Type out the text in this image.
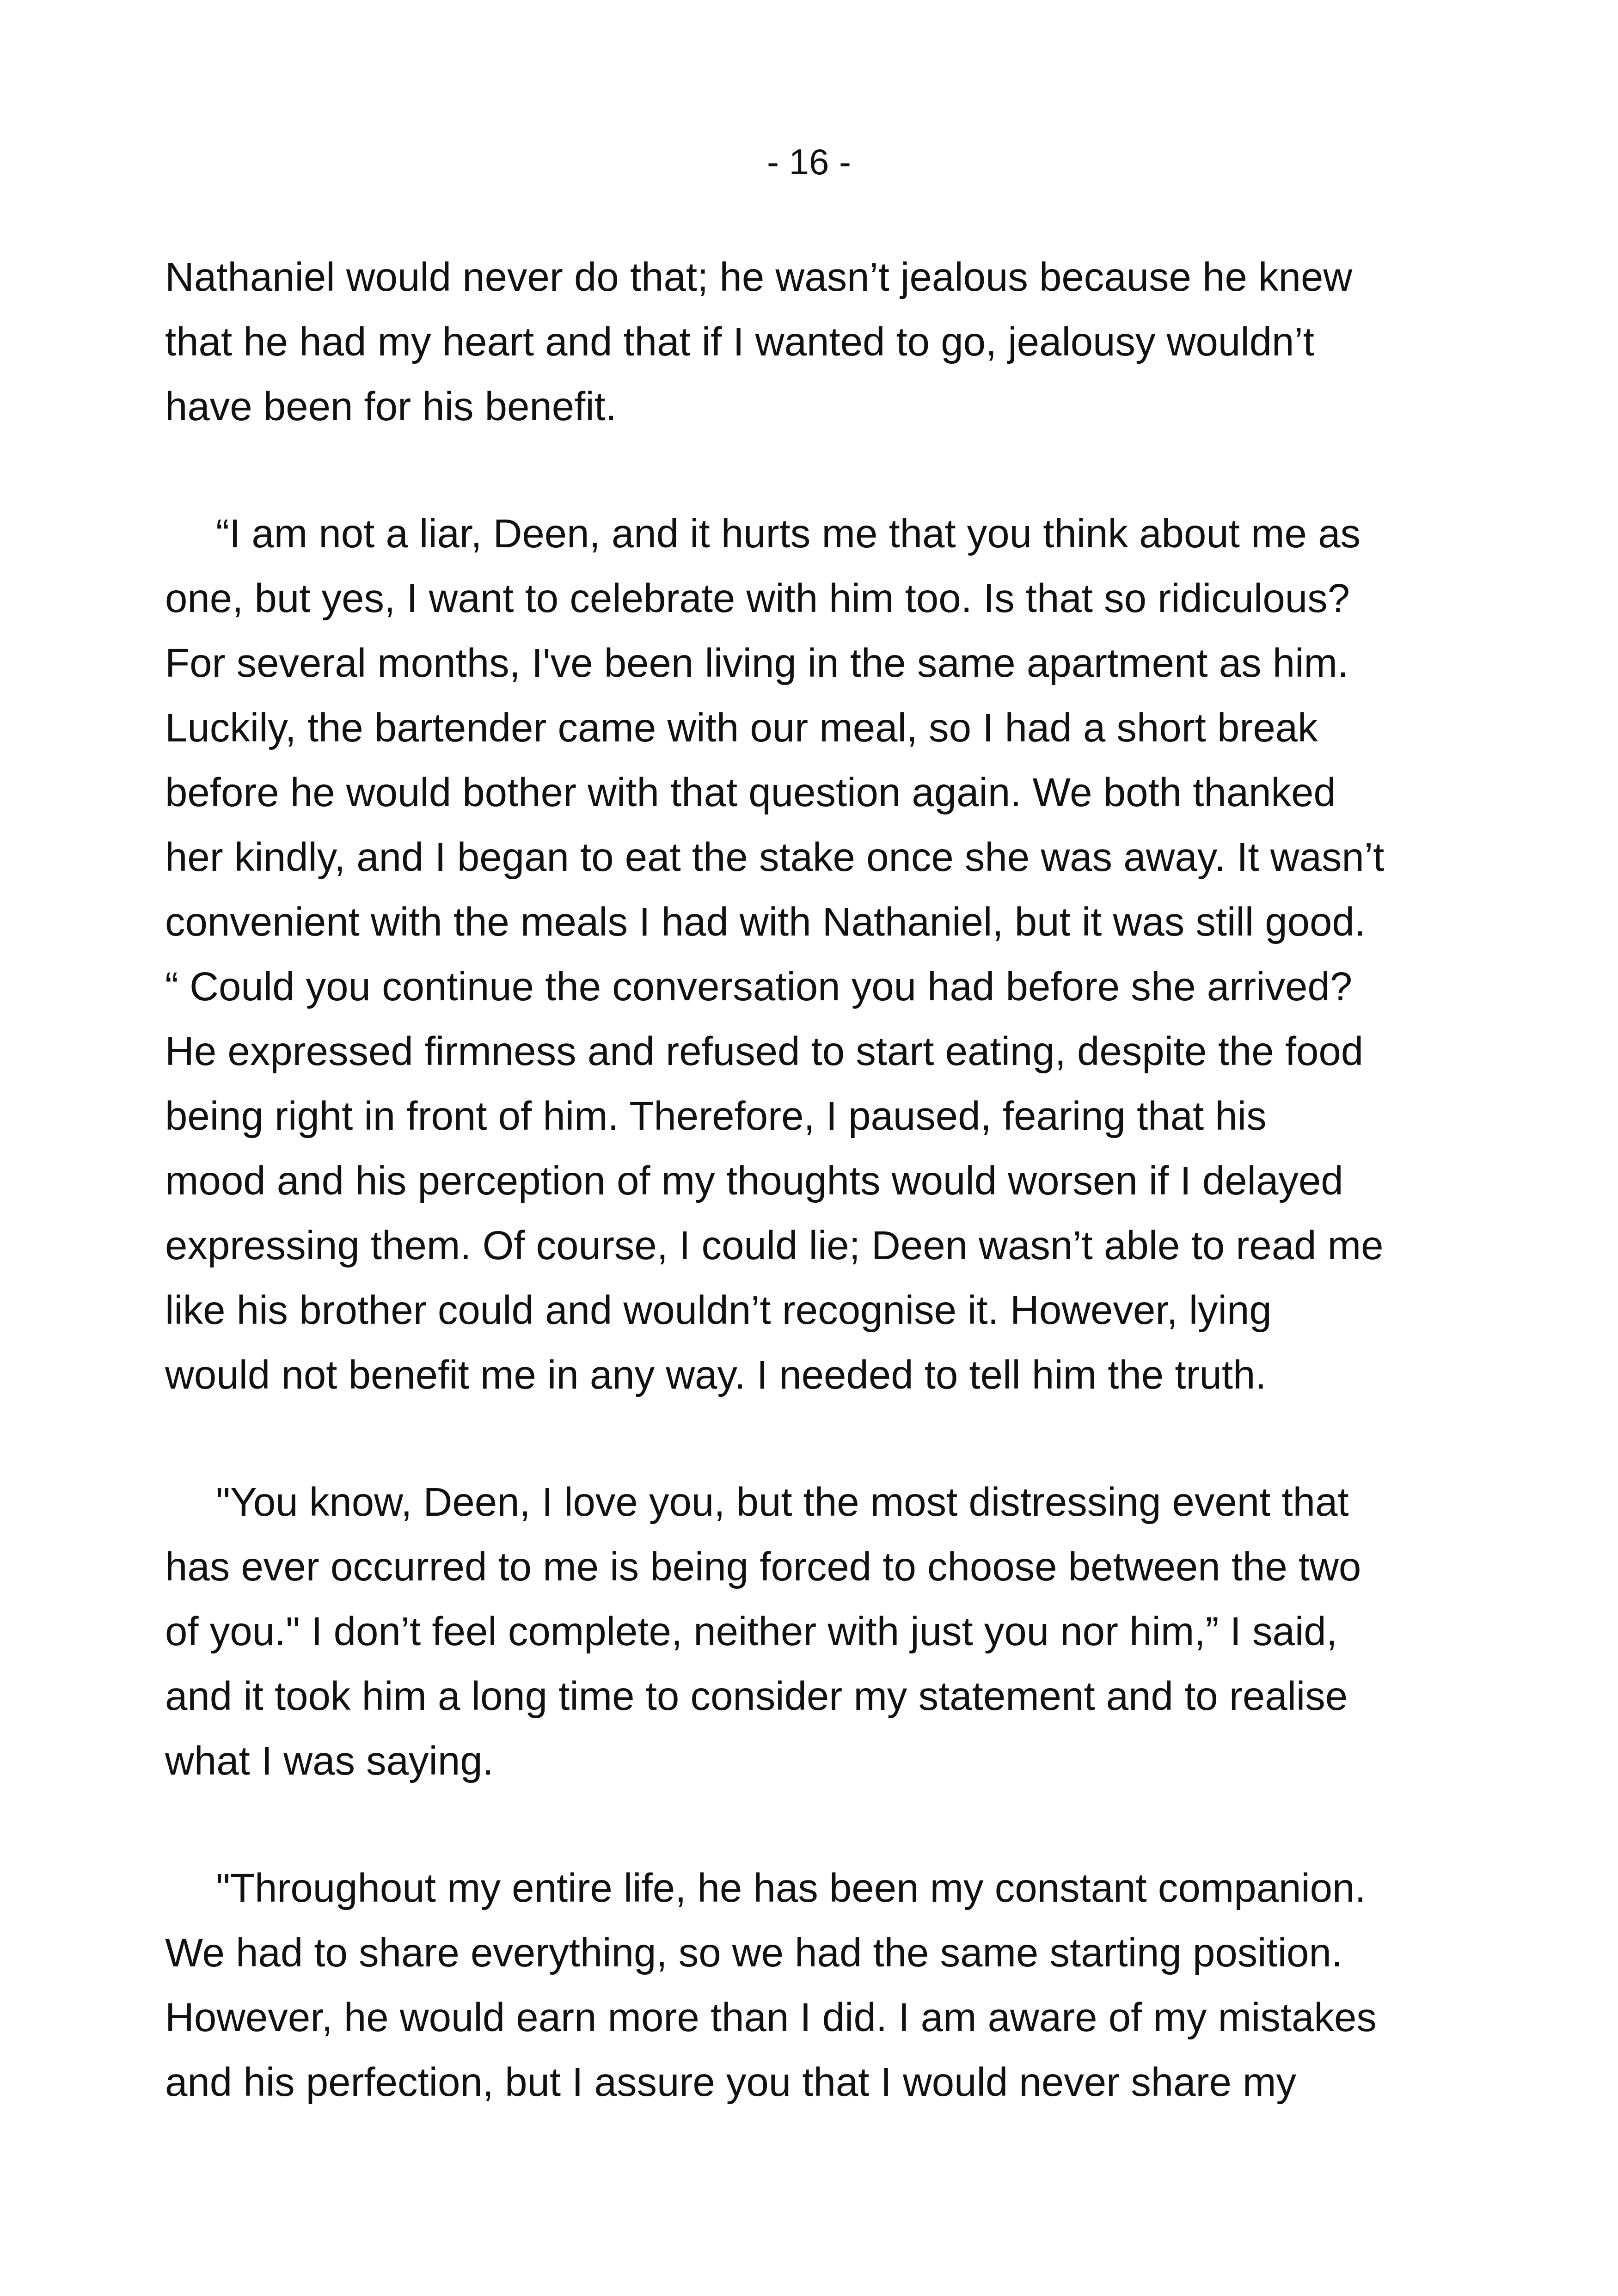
- 16 -

Nathaniel would never do that; he wasn’t jealous because he knew
that he had my heart and that if I wanted to go, jealousy wouldn’t
have been for his benefit.

“I am not a liar, Deen, and it hurts me that you think about me as
one, but yes, I want to celebrate with him too. Is that so ridiculous?
For several months, I've been living in the same apartment as him.
Luckily, the bartender came with our meal, so I had a short break
before he would bother with that question again. We both thanked
her kindly, and I began to eat the stake once she was away. It wasn’t
convenient with the meals I had with Nathaniel, but it was still good.
“ Could you continue the conversation you had before she arrived?
He expressed firmness and refused to start eating, despite the food
being right in front of him. Therefore, I paused, fearing that his
mood and his perception of my thoughts would worsen if I delayed
expressing them. Of course, I could lie; Deen wasn’t able to read me
like his brother could and wouldn’t recognise it. However, lying
would not benefit me in any way. I needed to tell him the truth.

"You know, Deen, I love you, but the most distressing event that
has ever occurred to me is being forced to choose between the two
of you." I don’t feel complete, neither with just you nor him,” I said,
and it took him a long time to consider my statement and to realise
what I was saying.

"Throughout my entire life, he has been my constant companion.
We had to share everything, so we had the same starting position.
However, he would earn more than I did. I am aware of my mistakes
and his perfection, but I assure you that I would never share my
